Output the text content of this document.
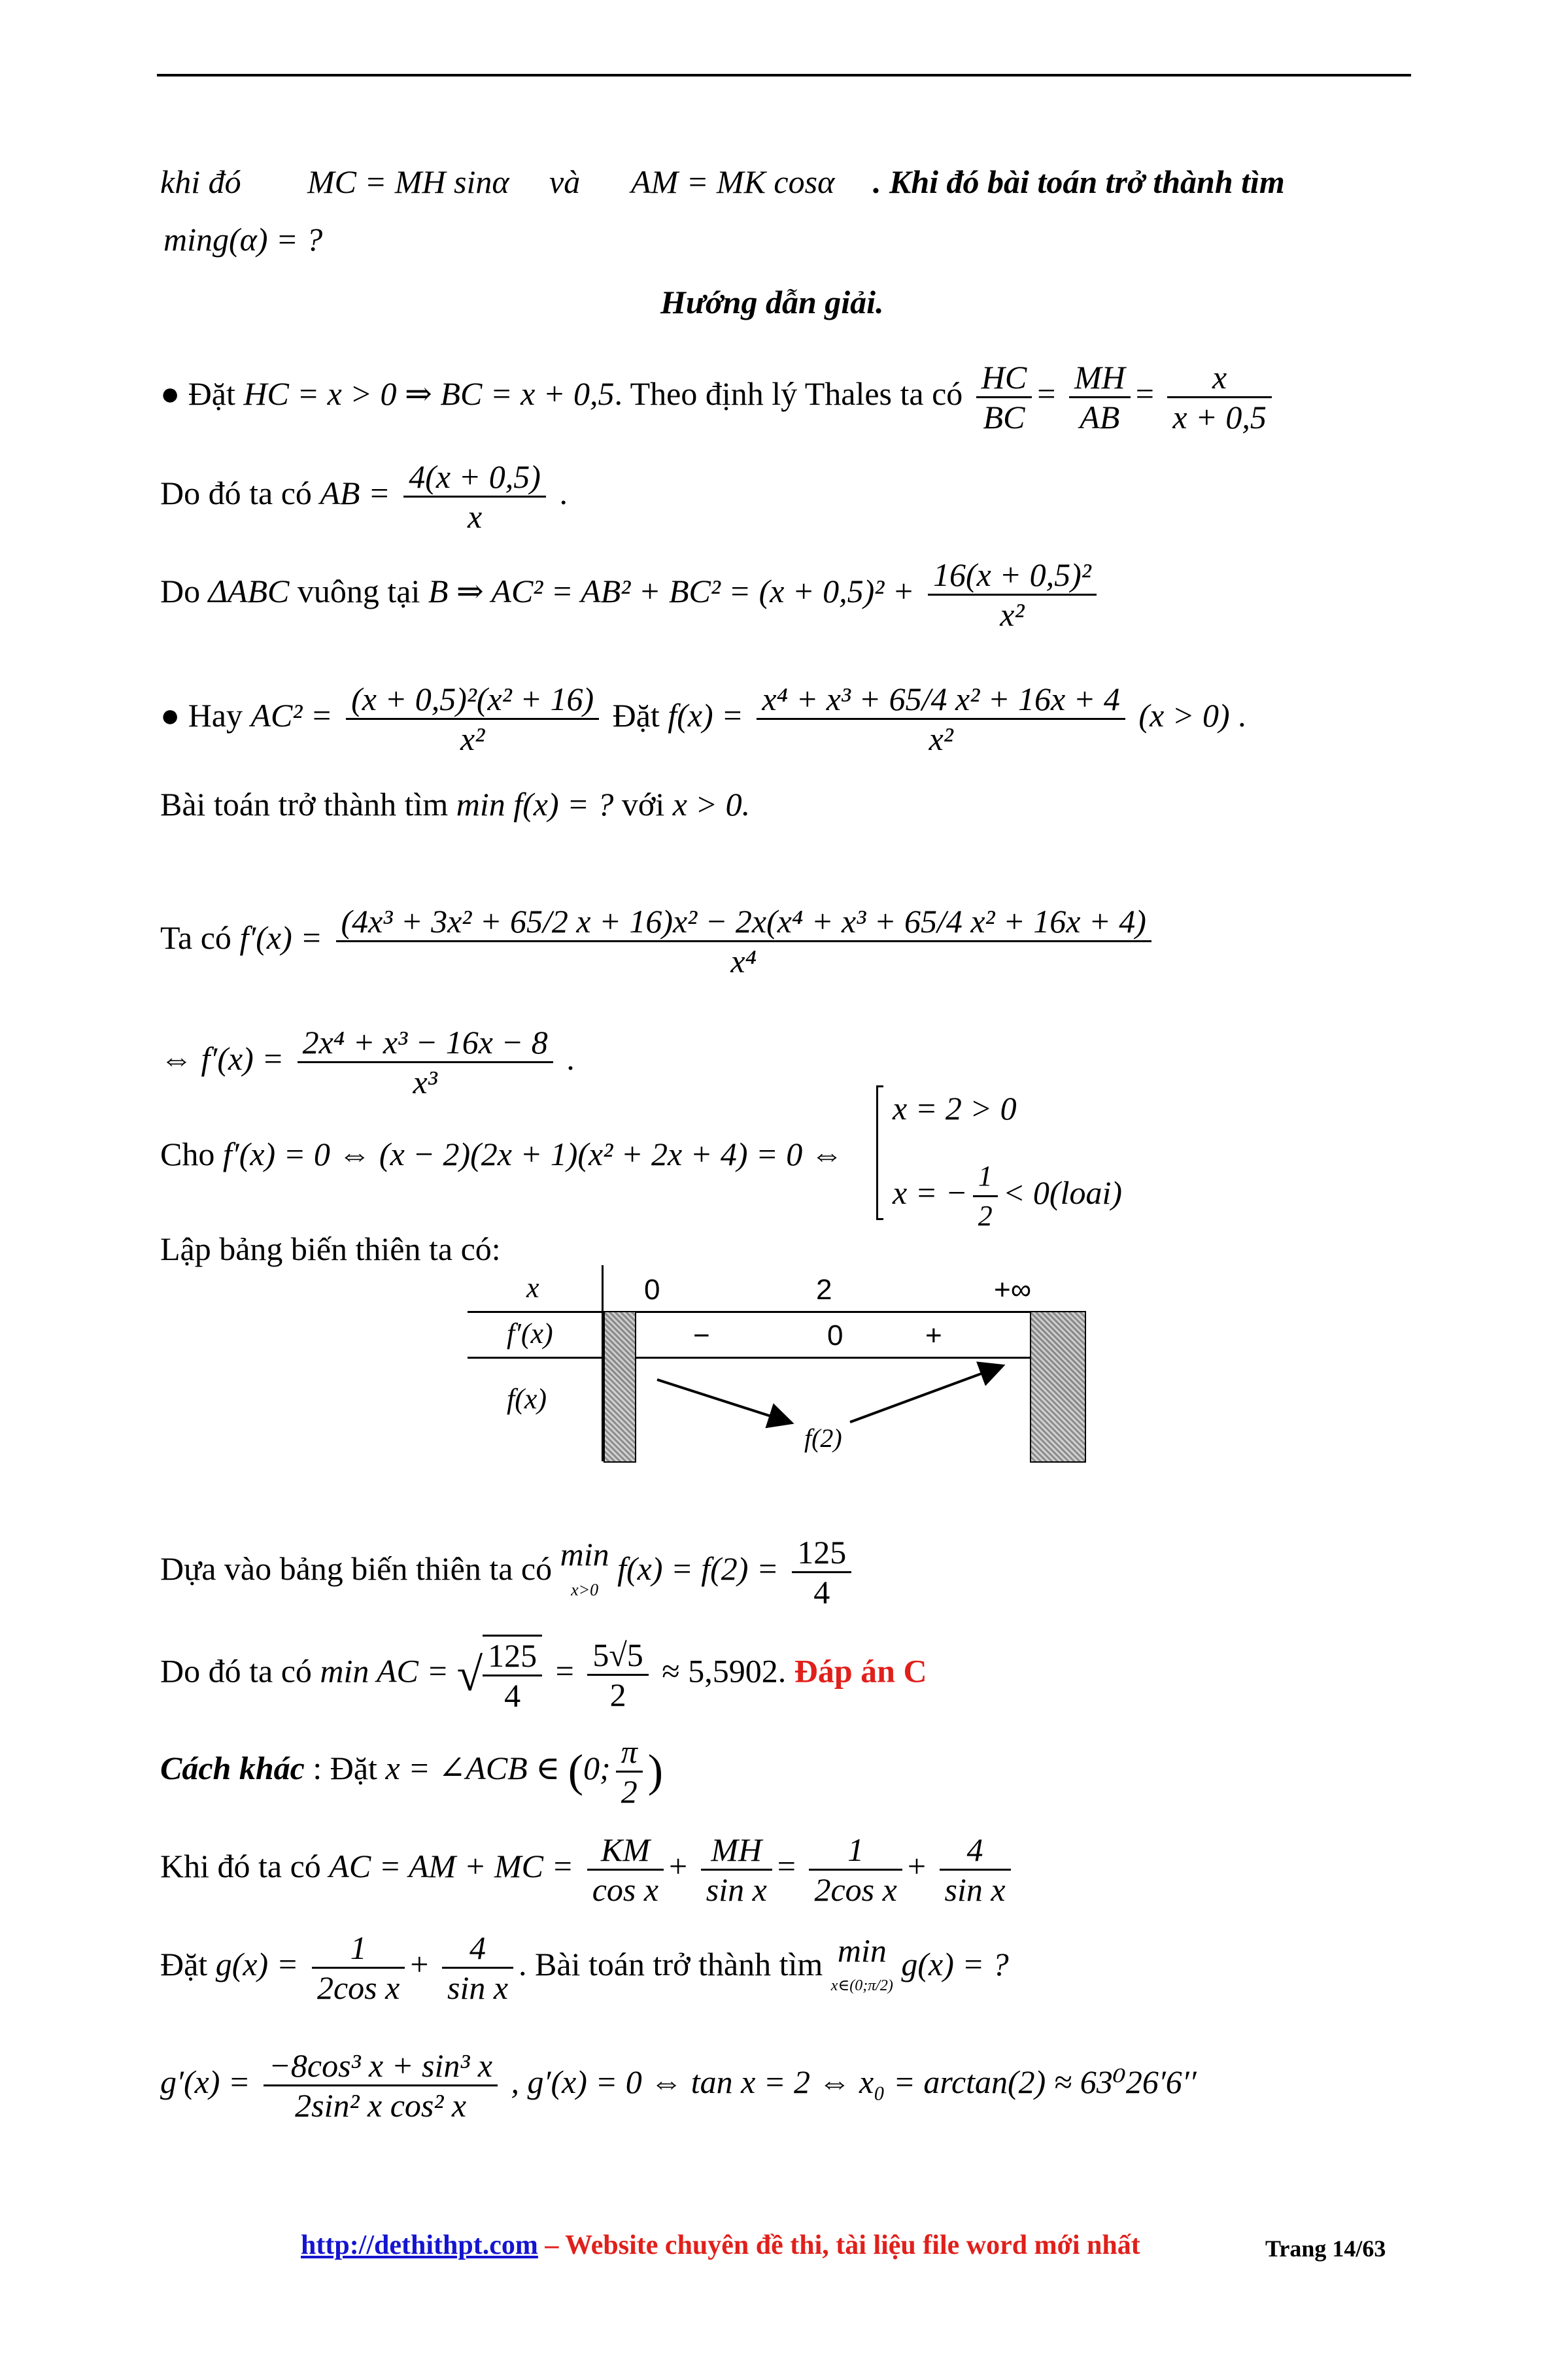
khi đó MC = MH sinα và AM = MK cosα . Khi đó bài toán trở thành tìm
ming(α) = ?
Hướng dẫn giải.
● Đặt HC = x > 0 ⇒ BC = x + 0,5. Theo định lý Thales ta có $\frac{HC}{BC} = \frac{MH}{AB} = \frac{x}{x + 0,5}$
Do đó ta có AB = $\frac{4(x + 0,5)}{x}$ .
Do ΔABC vuông tại B ⇒ $AC^2 = AB^2 + BC^2 = (x + 0,5)^2 + \frac{\text{16(x + 0,5)²}}{\text{x²}}$
● Hay $AC^2 = \frac{\text{(x + 0,5)²(x² + 16)}}{\text{x²}}$ Đặt $f(x) = \frac{\text{x⁴ + x³ + 65/4 x² + 16x + 4}}{\text{x²}} (x > 0)$ .
Bài toán trở thành tìm min f(x) = ? với x > 0.
Ta có f′(x) = (4x³ + 3x² + 65/2 x + 16)x² − 2x(x⁴ + x³ + 65/4 x² + 16x + 4)
x⁴
⇔ $f'(x) = \frac{\text{2x⁴ + x³ − 16x − 8}}{\text{x³}}$ .
Cho f′(x) = 0 ⇔ (x − 2)(2x + 1)(x² + 2x + 4) = 0 ⇔
x = 2 > 0
x = − $\frac{1}{2}$ < 0(loai)
Lập bảng biến thiên ta có:
x	0	2	+∞
f′(x)	−	0	+
f(x)
f(2)
Dựa vào bảng biến thiên ta có min
x>0 $f(x) = f(2) = \frac{125}{4}$
Do đó ta có min AC = √ $\frac{125}{4} = \frac{5√5}{2} \approx 5,5902$. Đáp án C
Cách khác : Đặt x = ∠ACB ∈ (0; $\frac{\pi}{2}$ )
Khi đó ta có AC = AM + MC = $\frac{KM}{\text{cos x}} + \frac{MH}{\text{sin x}} = \frac{1}{\text{2cos x}} + \frac{4}{\text{sin x}}$
Đặt $g(x) = \frac{1}{\text{2cos x}} + \frac{4}{\text{sin x}}$ . Bài toán trở thành tìm min
x∈(0;π/2) g(x) = ?
$g'(x) = \frac{\text{−8cos³ x + sin³ x}}{\text{2sin² x cos² x}}$ , g′(x) = 0 ⇔ tan x = 2 ⇔ x₀ = arctan(2) ≈ 63⁰26′6′′
http://dethithpt.com – Website chuyên đề thi, tài liệu file word mới nhất	Trang 14/63
